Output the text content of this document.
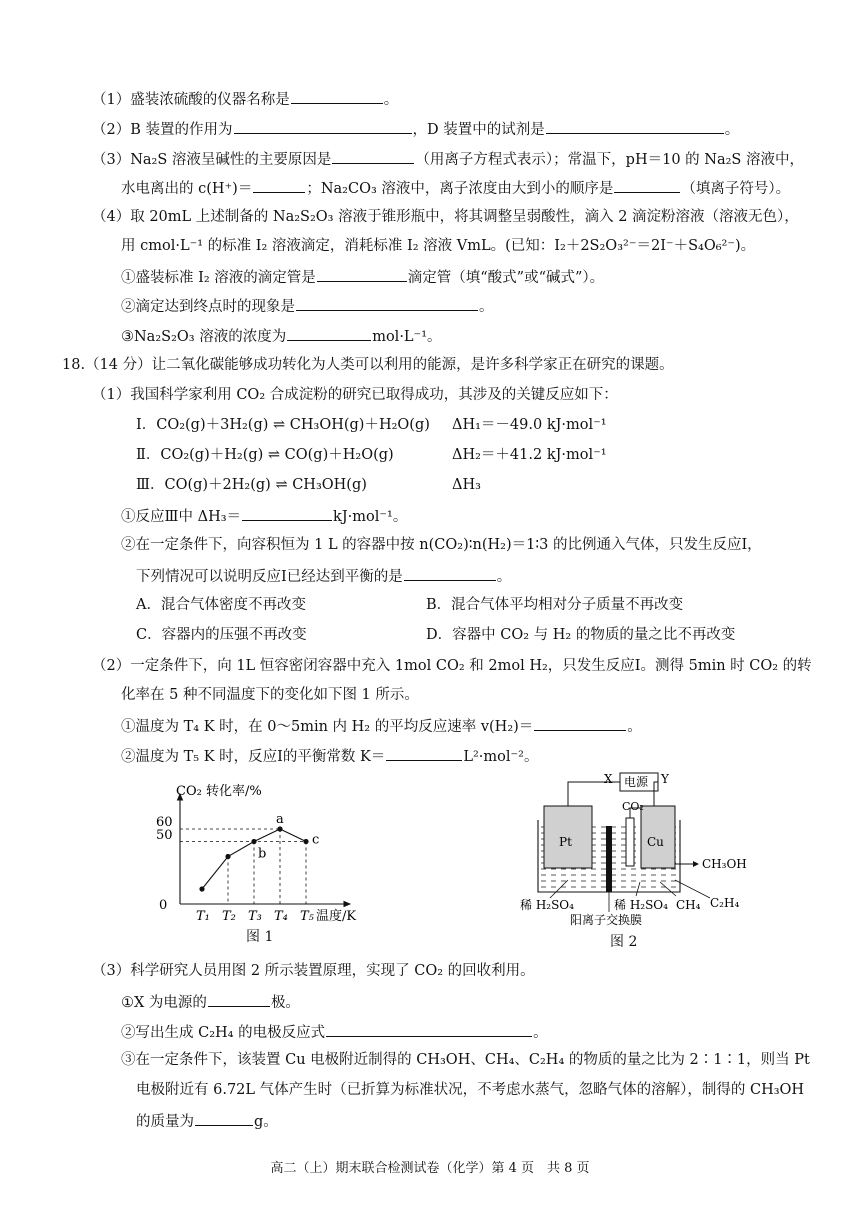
（1）盛装浓硫酸的仪器名称是	。
（2）B 装置的作用为	，D 装置中的试剂是	。
（3）Na₂S 溶液呈碱性的主要原因是	（用离子方程式表示）；常温下，pH＝10 的 Na₂S 溶液中，
水电离出的 c(H⁺)＝	；Na₂CO₃ 溶液中，离子浓度由大到小的顺序是	（填离子符号）。
（4）取 20mL 上述制备的 Na₂S₂O₃ 溶液于锥形瓶中，将其调整呈弱酸性，滴入 2 滴淀粉溶液（溶液无色），
用 cmol·L⁻¹ 的标准 I₂ 溶液滴定，消耗标准 I₂ 溶液 VmL。(已知：I₂＋2S₂O₃²⁻＝2I⁻＋S₄O₆²⁻)。
①盛装标准 I₂ 溶液的滴定管是	滴定管（填“酸式”或“碱式”）。
②滴定达到终点时的现象是	。
③Na₂S₂O₃ 溶液的浓度为	mol·L⁻¹。
18.（14 分）让二氧化碳能够成功转化为人类可以利用的能源，是许多科学家正在研究的课题。
（1）我国科学家利用 CO₂ 合成淀粉的研究已取得成功，其涉及的关键反应如下：
Ⅰ．CO₂(g)＋3H₂(g) ⇌ CH₃OH(g)＋H₂O(g) ΔH₁＝－49.0 kJ·mol⁻¹
Ⅱ．CO₂(g)＋H₂(g) ⇌ CO(g)＋H₂O(g)	ΔH₂＝＋41.2 kJ·mol⁻¹
Ⅲ．CO(g)＋2H₂(g) ⇌ CH₃OH(g)	ΔH₃
①反应Ⅲ中 ΔH₃＝	kJ·mol⁻¹。
②在一定条件下，向容积恒为 1 L 的容器中按 n(CO₂)∶n(H₂)＝1∶3 的比例通入气体，只发生反应Ⅰ，
下列情况可以说明反应Ⅰ已经达到平衡的是	。
A．混合气体密度不再改变	B．混合气体平均相对分子质量不再改变
C．容器内的压强不再改变	D．容器中 CO₂ 与 H₂ 的物质的量之比不再改变
（2）一定条件下，向 1L 恒容密闭容器中充入 1mol CO₂ 和 2mol H₂，只发生反应Ⅰ。测得 5min 时 CO₂ 的转
化率在 5 种不同温度下的变化如下图 1 所示。
①温度为 T₄ K 时，在 0～5min 内 H₂ 的平均反应速率 v(H₂)＝	。
②温度为 T₅ K 时，反应Ⅰ的平衡常数 K＝	L²·mol⁻²。
CO₂ 转化率/%
温度/K
0
60
50
a
b
c
T₁ T₂ T₃ T₄ T₅
图 1
电源
X	Y
Pt	Cu
CO₂
CH₃OH
C₂H₄
CH₄
稀 H₂SO₄	稀 H₂SO₄
阳离子交换膜
图 2
（3）科学研究人员用图 2 所示装置原理，实现了 CO₂ 的回收利用。
①X 为电源的	极。
②写出生成 C₂H₄ 的电极反应式	。
③在一定条件下，该装置 Cu 电极附近制得的 CH₃OH、CH₄、C₂H₄ 的物质的量之比为 2∶1∶1，则当 Pt
电极附近有 6.72L 气体产生时（已折算为标准状况，不考虑水蒸气，忽略气体的溶解），制得的 CH₃OH
的质量为	g。
高二（上）期末联合检测试卷（化学）第 4 页　共 8 页
